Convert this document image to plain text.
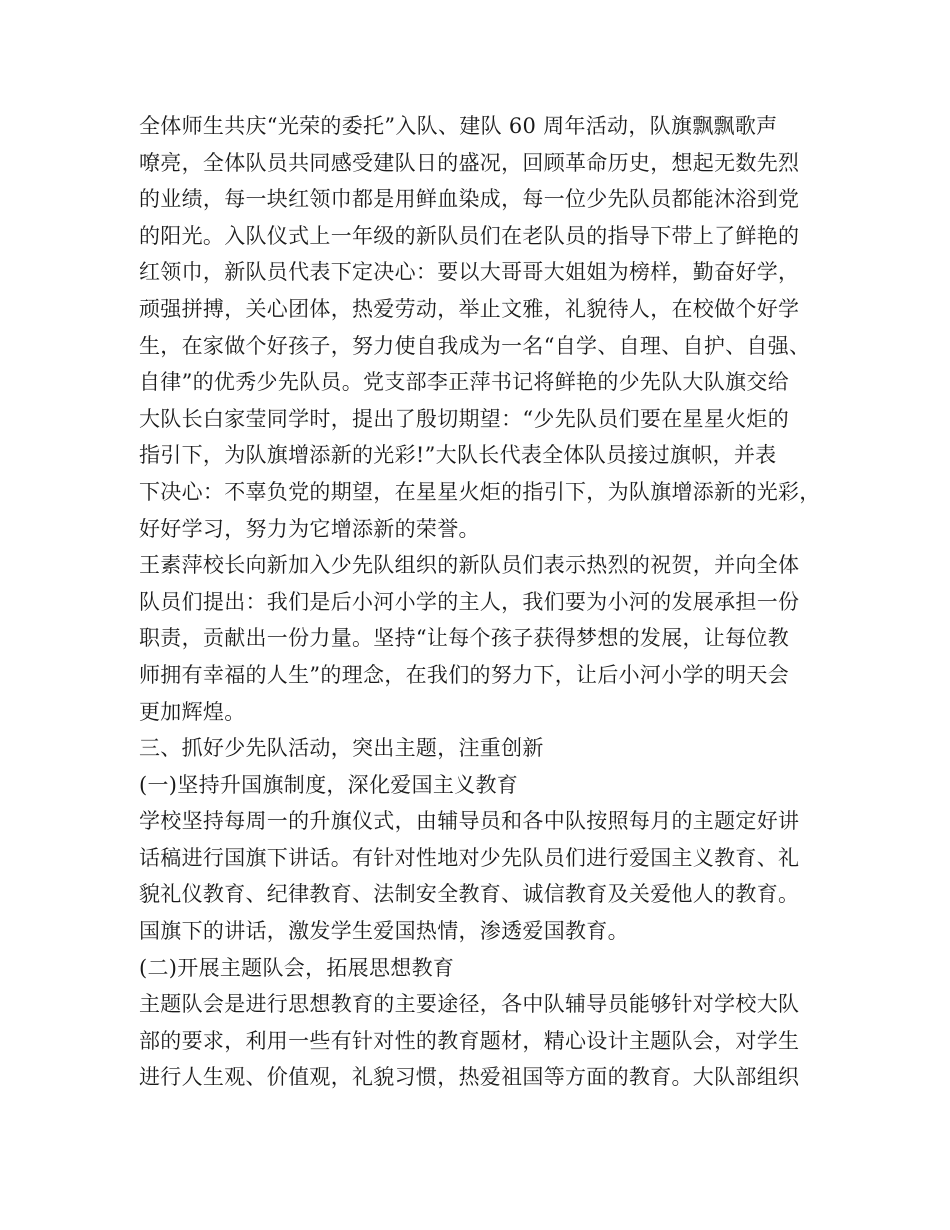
全体师生共庆“光荣的委托”入队、建队 60 周年活动，队旗飘飘歌声
嘹亮，全体队员共同感受建队日的盛况，回顾革命历史，想起无数先烈
的业绩，每一块红领巾都是用鲜血染成，每一位少先队员都能沐浴到党
的阳光。入队仪式上一年级的新队员们在老队员的指导下带上了鲜艳的
红领巾，新队员代表下定决心：要以大哥哥大姐姐为榜样，勤奋好学，
顽强拼搏，关心团体，热爱劳动，举止文雅，礼貌待人，在校做个好学
生，在家做个好孩子，努力使自我成为一名“自学、自理、自护、自强、
自律”的优秀少先队员。党支部李正萍书记将鲜艳的少先队大队旗交给
大队长白家莹同学时，提出了殷切期望：“少先队员们要在星星火炬的
指引下，为队旗增添新的光彩!”大队长代表全体队员接过旗帜，并表
下决心：不辜负党的期望，在星星火炬的指引下，为队旗增添新的光彩，
好好学习，努力为它增添新的荣誉。
王素萍校长向新加入少先队组织的新队员们表示热烈的祝贺，并向全体
队员们提出：我们是后小河小学的主人，我们要为小河的发展承担一份
职责，贡献出一份力量。坚持“让每个孩子获得梦想的发展，让每位教
师拥有幸福的人生”的理念，在我们的努力下，让后小河小学的明天会
更加辉煌。
三、抓好少先队活动，突出主题，注重创新
(一)坚持升国旗制度，深化爱国主义教育
学校坚持每周一的升旗仪式，由辅导员和各中队按照每月的主题定好讲
话稿进行国旗下讲话。有针对性地对少先队员们进行爱国主义教育、礼
貌礼仪教育、纪律教育、法制安全教育、诚信教育及关爱他人的教育。
国旗下的讲话，激发学生爱国热情，渗透爱国教育。
(二)开展主题队会，拓展思想教育
主题队会是进行思想教育的主要途径，各中队辅导员能够针对学校大队
部的要求，利用一些有针对性的教育题材，精心设计主题队会，对学生
进行人生观、价值观，礼貌习惯，热爱祖国等方面的教育。大队部组织
